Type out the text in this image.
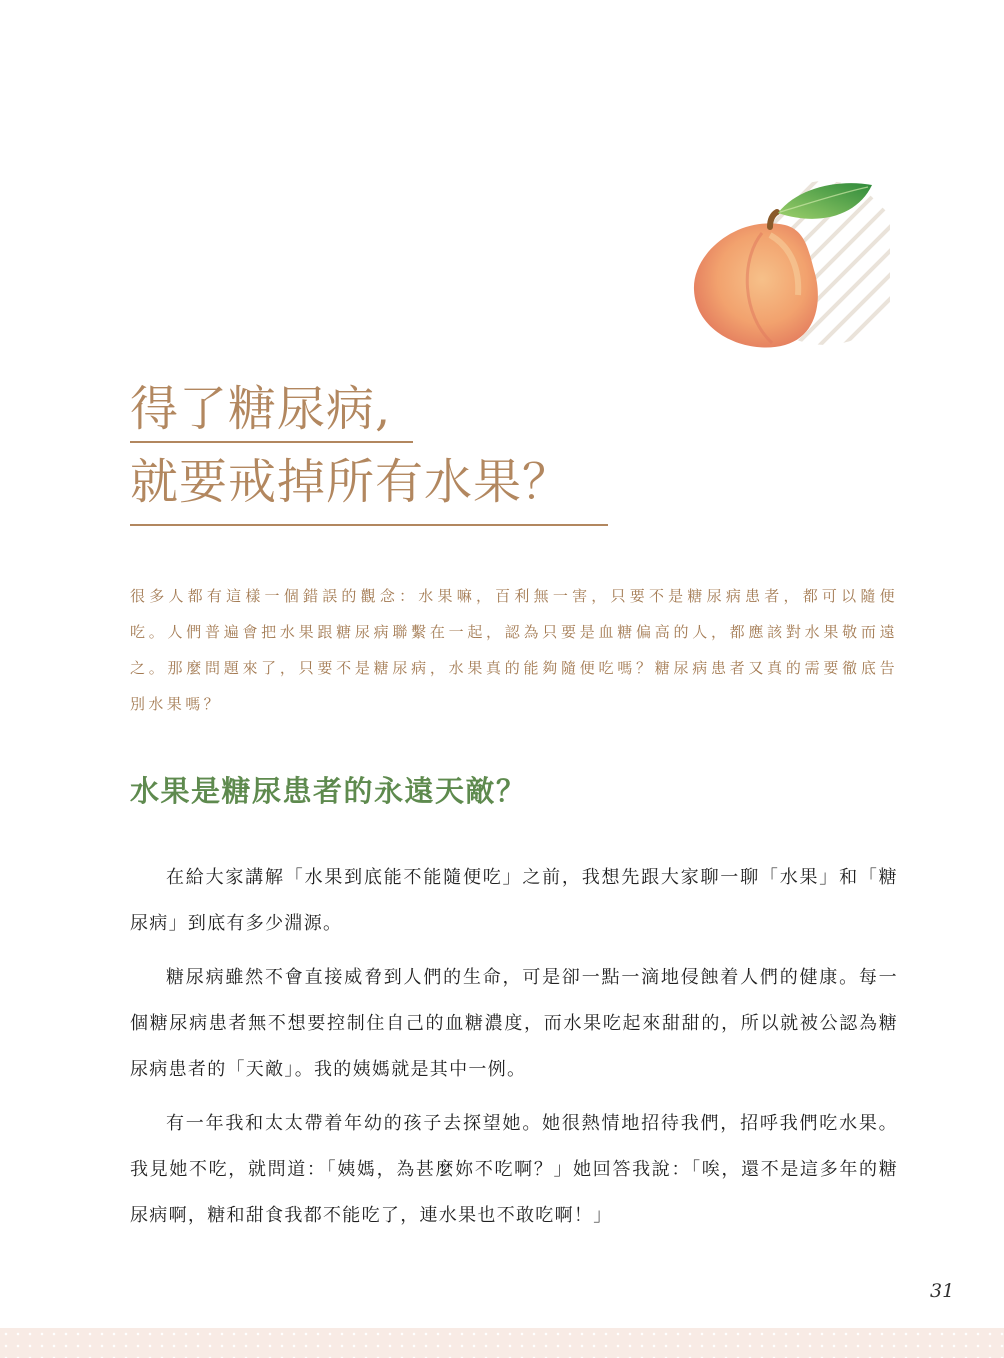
得了糖尿病,
就要戒掉所有水果？

很多人都有這樣一個錯誤的觀念：水果嘛，百利無一害，只要不是糖尿病患者，都可以隨便吃。人們普遍會把水果跟糖尿病聯繫在一起，認為只要是血糖偏高的人，都應該對水果敬而遠之。那麼問題來了，只要不是糖尿病，水果真的能夠隨便吃嗎？糖尿病患者又真的需要徹底告別水果嗎？

水果是糖尿患者的永遠天敵？

在給大家講解「水果到底能不能隨便吃」之前，我想先跟大家聊一聊「水果」和「糖尿病」到底有多少淵源。

糖尿病雖然不會直接威脅到人們的生命，可是卻一點一滴地侵蝕着人們的健康。每一個糖尿病患者無不想要控制住自己的血糖濃度，而水果吃起來甜甜的，所以就被公認為糖尿病患者的「天敵」。我的姨媽就是其中一例。

有一年我和太太帶着年幼的孩子去探望她。她很熱情地招待我們，招呼我們吃水果。我見她不吃，就問道：「姨媽，為甚麼妳不吃啊？」她回答我說：「唉，還不是這多年的糖尿病啊，糖和甜食我都不能吃了，連水果也不敢吃啊！」

31
